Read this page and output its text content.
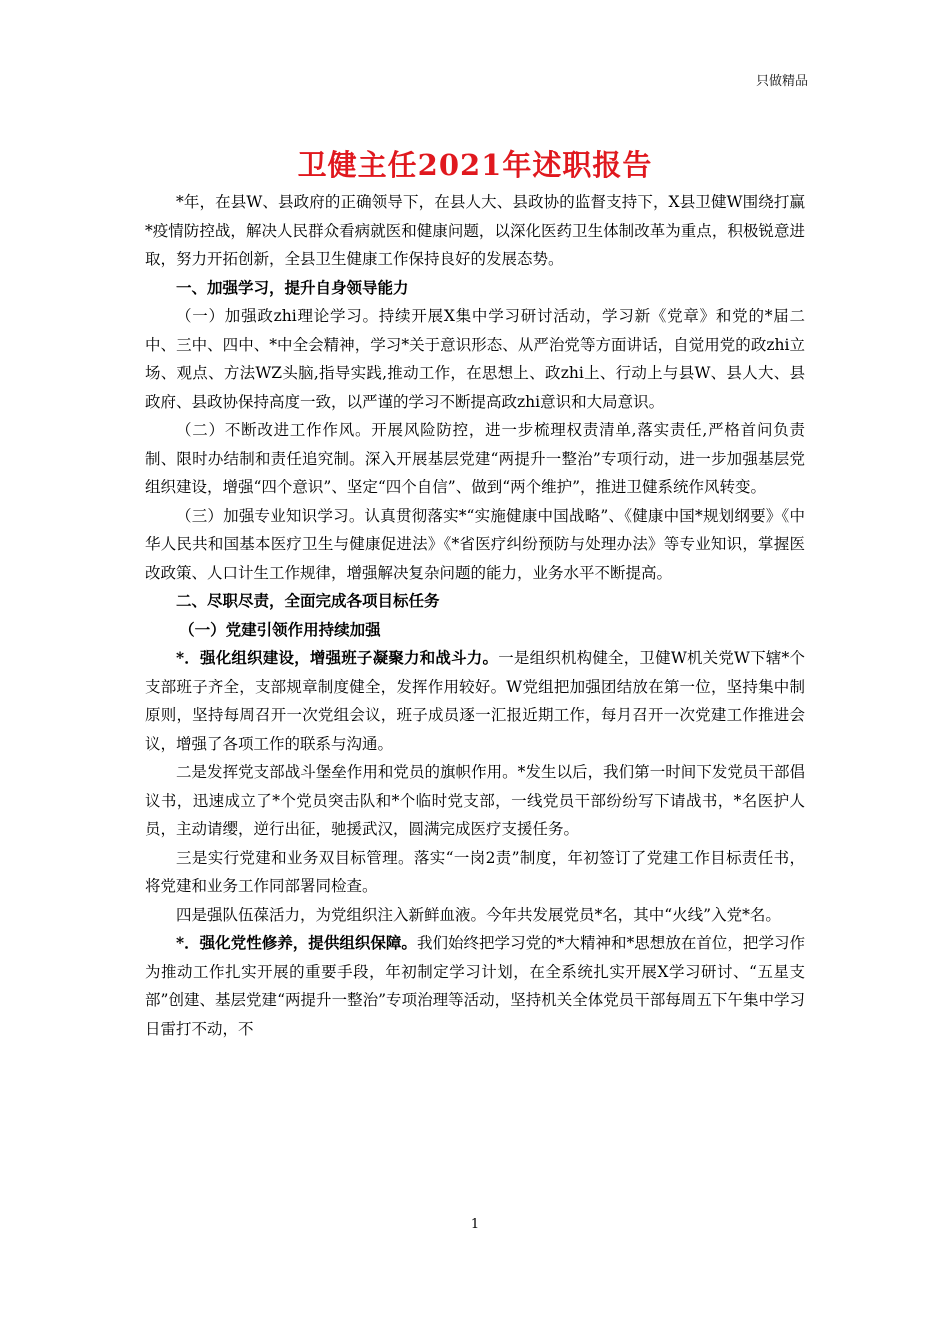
只做精品
卫健主任2021年述职报告

*年，在县W、县政府的正确领导下，在县人大、县政协的监督支持下，X县卫健W围绕打赢*疫情防控战，解决人民群众看病就医和健康问题，以深化医药卫生体制改革为重点，积极锐意进取，努力开拓创新，全县卫生健康工作保持良好的发展态势。

一、加强学习，提升自身领导能力

（一）加强政zhi理论学习。持续开展X集中学习研讨活动，学习新《党章》和党的*届二中、三中、四中、*中全会精神，学习*关于意识形态、从严治党等方面讲话，自觉用党的政zhi立场、观点、方法WZ头脑,指导实践,推动工作，在思想上、政zhi上、行动上与县W、县人大、县政府、县政协保持高度一致，以严谨的学习不断提高政zhi意识和大局意识。

（二）不断改进工作作风。开展风险防控，进一步梳理权责清单,落实责任,严格首问负责制、限时办结制和责任追究制。深入开展基层党建“两提升一整治”专项行动，进一步加强基层党组织建设，增强“四个意识”、坚定“四个自信”、做到“两个维护”，推进卫健系统作风转变。

（三）加强专业知识学习。认真贯彻落实*“实施健康中国战略”、《健康中国*规划纲要》《中华人民共和国基本医疗卫生与健康促进法》《*省医疗纠纷预防与处理办法》等专业知识，掌握医改政策、人口计生工作规律，增强解决复杂问题的能力，业务水平不断提高。

二、尽职尽责，全面完成各项目标任务

（一）党建引领作用持续加强

*．强化组织建设，增强班子凝聚力和战斗力。一是组织机构健全，卫健W机关党W下辖*个支部班子齐全，支部规章制度健全，发挥作用较好。W党组把加强团结放在第一位，坚持集中制原则，坚持每周召开一次党组会议，班子成员逐一汇报近期工作，每月召开一次党建工作推进会议，增强了各项工作的联系与沟通。

二是发挥党支部战斗堡垒作用和党员的旗帜作用。*发生以后，我们第一时间下发党员干部倡议书，迅速成立了*个党员突击队和*个临时党支部，一线党员干部纷纷写下请战书，*名医护人员，主动请缨，逆行出征，驰援武汉，圆满完成医疗支援任务。

三是实行党建和业务双目标管理。落实“一岗2责”制度，年初签订了党建工作目标责任书，将党建和业务工作同部署同检查。

四是强队伍葆活力，为党组织注入新鲜血液。今年共发展党员*名，其中“火线”入党*名。

*．强化党性修养，提供组织保障。我们始终把学习党的*大精神和*思想放在首位，把学习作为推动工作扎实开展的重要手段，年初制定学习计划，在全系统扎实开展X学习研讨、“五星支部”创建、基层党建“两提升一整治”专项治理等活动，坚持机关全体党员干部每周五下午集中学习日雷打不动，不

1
